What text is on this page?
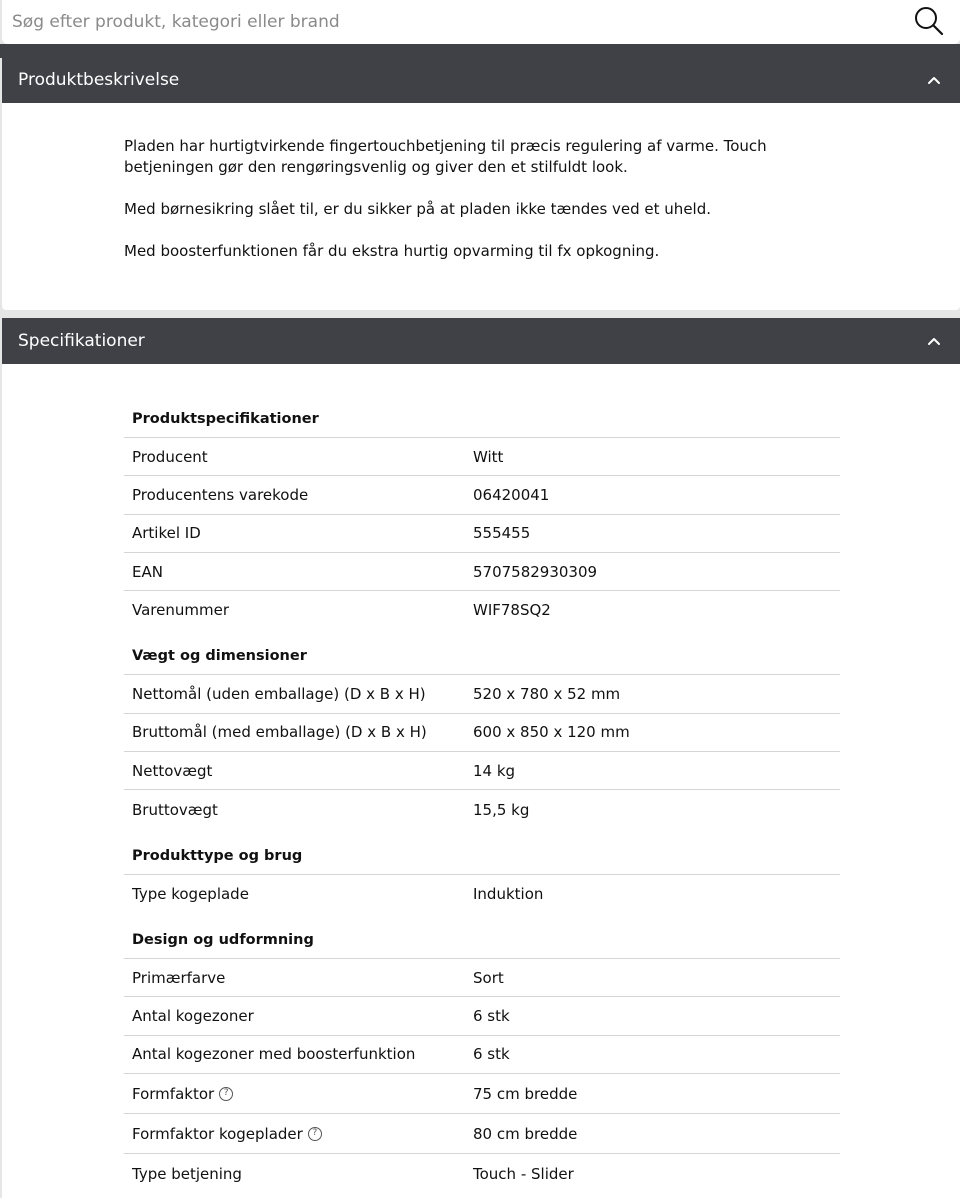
Søg efter produkt, kategori eller brand
Produktbeskrivelse

Pladen har hurtigtvirkende fingertouchbetjening til præcis regulering af varme. Touch betjeningen gør den rengøringsvenlig og giver den et stilfuldt look.

Med børnesikring slået til, er du sikker på at pladen ikke tændes ved et uheld.

Med boosterfunktionen får du ekstra hurtig opvarming til fx opkogning.

Specifikationer
Produktspecifikationer
Producent	Witt
Producentens varekode	06420041
Artikel ID	555455
EAN	5707582930309
Varenummer	WIF78SQ2
Vægt og dimensioner
Nettomål (uden emballage) (D x B x H)	520 x 780 x 52 mm
Bruttomål (med emballage) (D x B x H)	600 x 850 x 120 mm
Nettovægt	14 kg
Bruttovægt	15,5 kg
Produkttype og brug
Type kogeplade	Induktion
Design og udformning
Primærfarve	Sort
Antal kogezoner	6 stk
Antal kogezoner med boosterfunktion	6 stk
Formfaktor	?	75 cm bredde
Formfaktor kogeplader	?	80 cm bredde
Type betjening	Touch - Slider
